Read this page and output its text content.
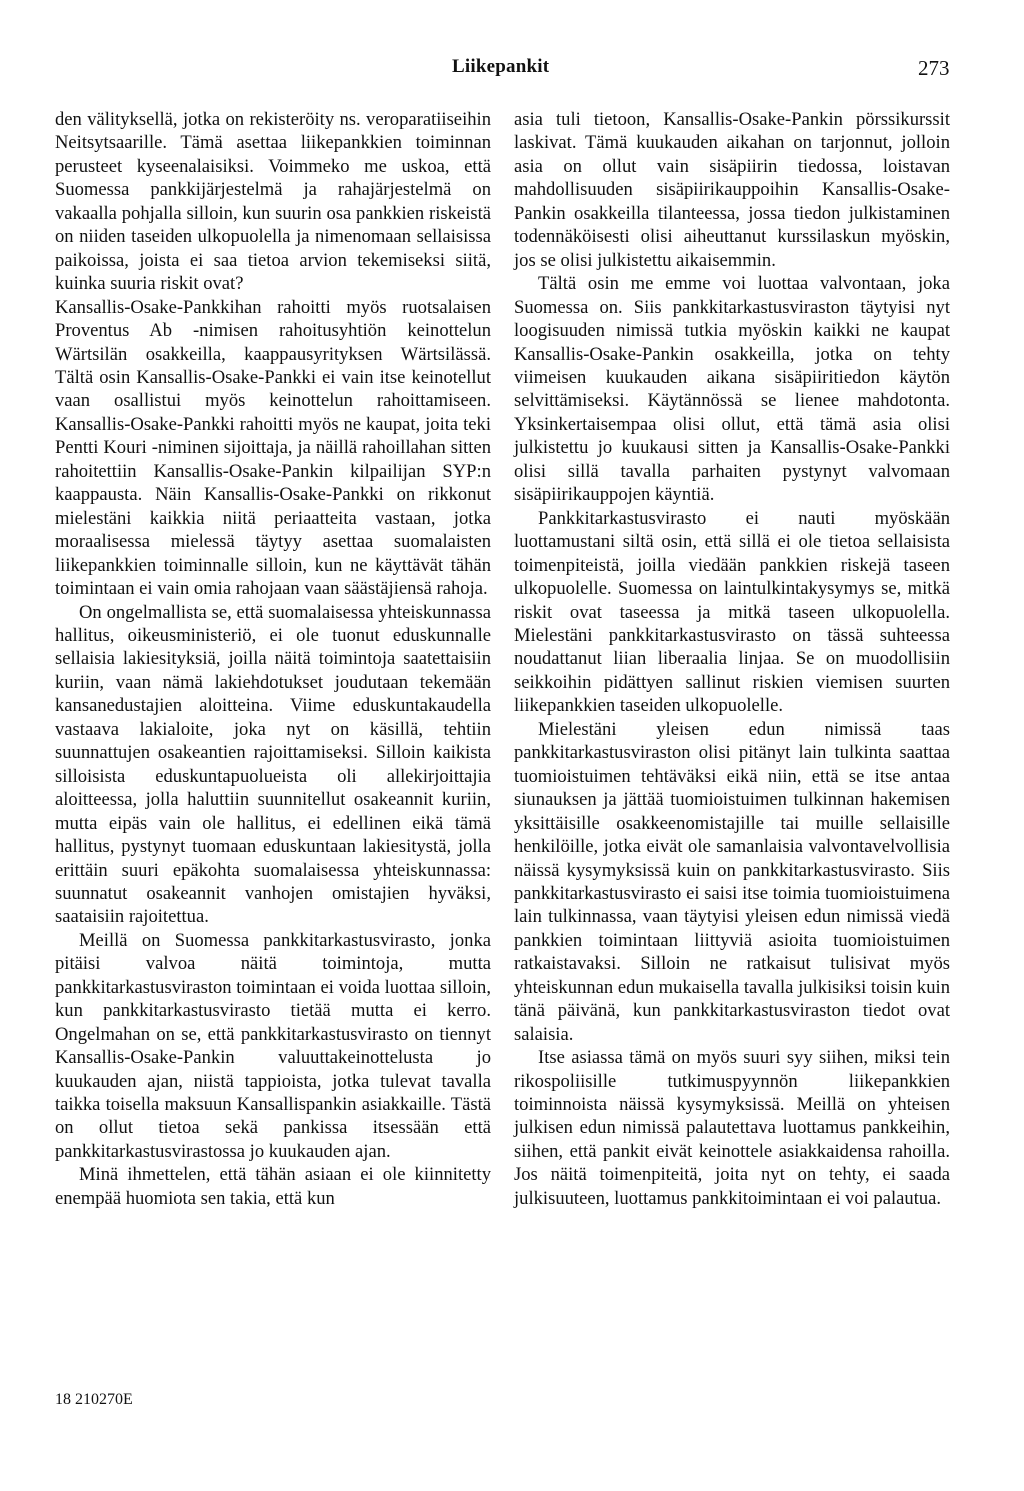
Liikepankit	273

den välityksellä, jotka on rekisteröity ns. veroparatiiseihin Neitsytsaarille. Tämä asettaa liikepankkien toiminnan perusteet kyseenalaisiksi. Voimmeko me uskoa, että Suomessa pankkijärjestelmä ja rahajärjestelmä on vakaalla pohjalla silloin, kun suurin osa pankkien riskeistä on niiden taseiden ulkopuolella ja nimenomaan sellaisissa paikoissa, joista ei saa tietoa arvion tekemiseksi siitä, kuinka suuria riskit ovat?

Kansallis-Osake-Pankkihan rahoitti myös ruotsalaisen Proventus Ab -nimisen rahoitusyhtiön keinottelun Wärtsilän osakkeilla, kaappausyrityksen Wärtsilässä. Tältä osin Kansallis-Osake-Pankki ei vain itse keinotellut vaan osallistui myös keinottelun rahoittamiseen. Kansallis-Osake-Pankki rahoitti myös ne kaupat, joita teki Pentti Kouri -niminen sijoittaja, ja näillä rahoillahan sitten rahoitettiin Kansallis-Osake-Pankin kilpailijan SYP:n kaappausta. Näin Kansallis-Osake-Pankki on rikkonut mielestäni kaikkia niitä periaatteita vastaan, jotka moraalisessa mielessä täytyy asettaa suomalaisten liikepankkien toiminnalle silloin, kun ne käyttävät tähän toimintaan ei vain omia rahojaan vaan säästäjiensä rahoja.

On ongelmallista se, että suomalaisessa yhteiskunnassa hallitus, oikeusministeriö, ei ole tuonut eduskunnalle sellaisia lakiesityksiä, joilla näitä toimintoja saatettaisiin kuriin, vaan nämä lakiehdotukset joudutaan tekemään kansanedustajien aloitteina. Viime eduskuntakaudella vastaava lakialoite, joka nyt on käsillä, tehtiin suunnattujen osakeantien rajoittamiseksi. Silloin kaikista silloisista eduskuntapuolueista oli allekirjoittajia aloitteessa, jolla haluttiin suunnitellut osakeannit kuriin, mutta eipäs vain ole hallitus, ei edellinen eikä tämä hallitus, pystynyt tuomaan eduskuntaan lakiesitystä, jolla erittäin suuri epäkohta suomalaisessa yhteiskunnassa: suunnatut osakeannit vanhojen omistajien hyväksi, saataisiin rajoitettua.

Meillä on Suomessa pankkitarkastusvirasto, jonka pitäisi valvoa näitä toimintoja, mutta pankkitarkastusviraston toimintaan ei voida luottaa silloin, kun pankkitarkastusvirasto tietää mutta ei kerro. Ongelmahan on se, että pankkitarkastusvirasto on tiennyt Kansallis-Osake-Pankin valuuttakeinottelusta jo kuukauden ajan, niistä tappioista, jotka tulevat tavalla taikka toisella maksuun Kansallispankin asiakkaille. Tästä on ollut tietoa sekä pankissa itsessään että pankkitarkastusvirastossa jo kuukauden ajan.

Minä ihmettelen, että tähän asiaan ei ole kiinnitetty enempää huomiota sen takia, että kun

asia tuli tietoon, Kansallis-Osake-Pankin pörssikurssit laskivat. Tämä kuukauden aikahan on tarjonnut, jolloin asia on ollut vain sisäpiirin tiedossa, loistavan mahdollisuuden sisäpiirikauppoihin Kansallis-Osake-Pankin osakkeilla tilanteessa, jossa tiedon julkistaminen todennäköisesti olisi aiheuttanut kurssilaskun myöskin, jos se olisi julkistettu aikaisemmin.

Tältä osin me emme voi luottaa valvontaan, joka Suomessa on. Siis pankkitarkastusviraston täytyisi nyt loogisuuden nimissä tutkia myöskin kaikki ne kaupat Kansallis-Osake-Pankin osakkeilla, jotka on tehty viimeisen kuukauden aikana sisäpiiritiedon käytön selvittämiseksi. Käytännössä se lienee mahdotonta. Yksinkertaisempaa olisi ollut, että tämä asia olisi julkistettu jo kuukausi sitten ja Kansallis-Osake-Pankki olisi sillä tavalla parhaiten pystynyt valvomaan sisäpiirikauppojen käyntiä.

Pankkitarkastusvirasto ei nauti myöskään luottamustani siltä osin, että sillä ei ole tietoa sellaisista toimenpiteistä, joilla viedään pankkien riskejä taseen ulkopuolelle. Suomessa on laintulkintakysymys se, mitkä riskit ovat taseessa ja mitkä taseen ulkopuolella. Mielestäni pankkitarkastusvirasto on tässä suhteessa noudattanut liian liberaalia linjaa. Se on muodollisiin seikkoihin pidättyen sallinut riskien viemisen suurten liikepankkien taseiden ulkopuolelle.

Mielestäni yleisen edun nimissä taas pankkitarkastusviraston olisi pitänyt lain tulkinta saattaa tuomioistuimen tehtäväksi eikä niin, että se itse antaa siunauksen ja jättää tuomioistuimen tulkinnan hakemisen yksittäisille osakkeenomistajille tai muille sellaisille henkilöille, jotka eivät ole samanlaisia valvontavelvollisia näissä kysymyksissä kuin on pankkitarkastusvirasto. Siis pankkitarkastusvirasto ei saisi itse toimia tuomioistuimena lain tulkinnassa, vaan täytyisi yleisen edun nimissä viedä pankkien toimintaan liittyviä asioita tuomioistuimen ratkaistavaksi. Silloin ne ratkaisut tulisivat myös yhteiskunnan edun mukaisella tavalla julkisiksi toisin kuin tänä päivänä, kun pankkitarkastusviraston tiedot ovat salaisia.

Itse asiassa tämä on myös suuri syy siihen, miksi tein rikospoliisille tutkimuspyynnön liikepankkien toiminnoista näissä kysymyksissä. Meillä on yhteisen julkisen edun nimissä palautettava luottamus pankkeihin, siihen, että pankit eivät keinottele asiakkaidensa rahoilla. Jos näitä toimenpiteitä, joita nyt on tehty, ei saada julkisuuteen, luottamus pankkitoimintaan ei voi palautua.

18 210270E
